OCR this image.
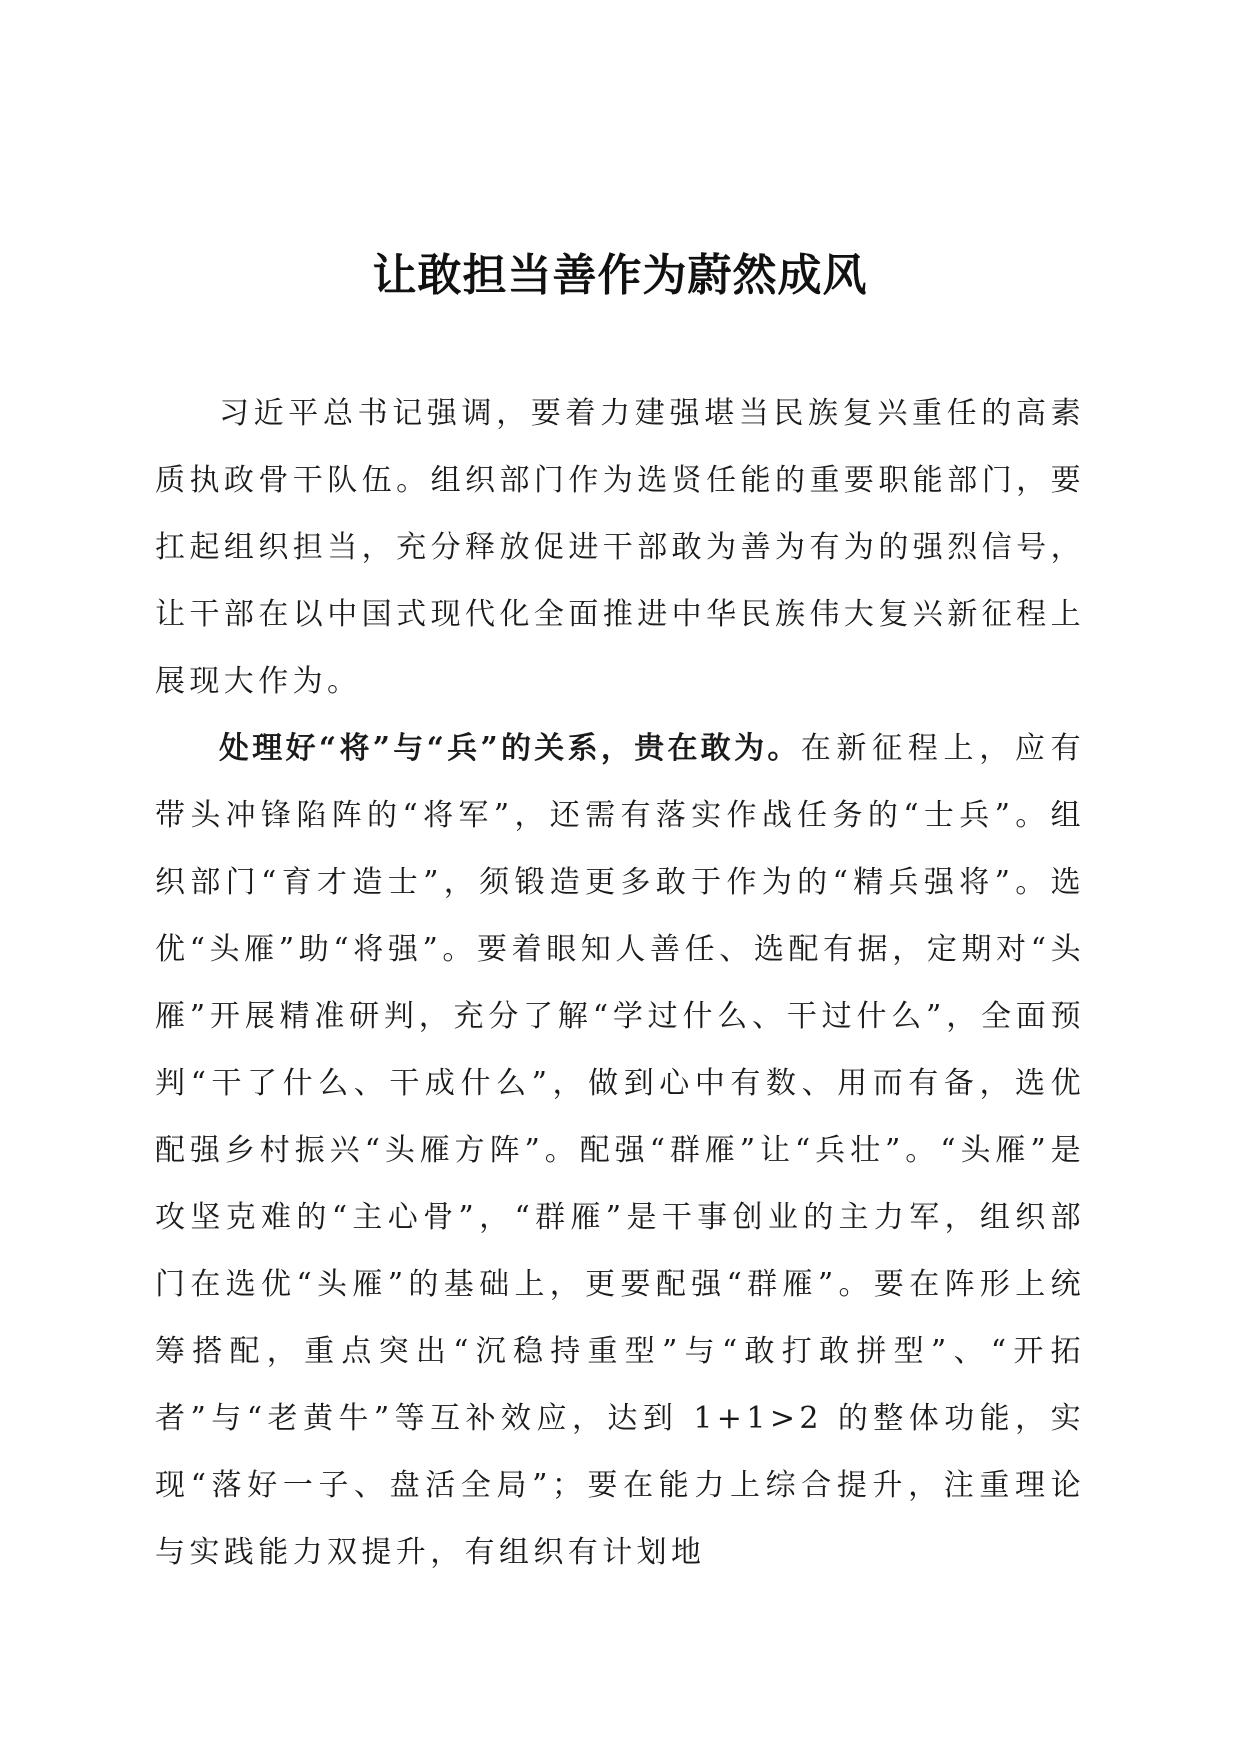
让敢担当善作为蔚然成风

习近平总书记强调，要着力建强堪当民族复兴重任的高素质执政骨干队伍。组织部门作为选贤任能的重要职能部门，要扛起组织担当，充分释放促进干部敢为善为有为的强烈信号，让干部在以中国式现代化全面推进中华民族伟大复兴新征程上展现大作为。

处理好“将”与“兵”的关系，贵在敢为。在新征程上，应有带头冲锋陷阵的“将军”，还需有落实作战任务的“士兵”。组织部门“育才造士”，须锻造更多敢于作为的“精兵强将”。选优“头雁”助“将强”。要着眼知人善任、选配有据，定期对“头雁”开展精准研判，充分了解“学过什么、干过什么”，全面预判“干了什么、干成什么”，做到心中有数、用而有备，选优配强乡村振兴“头雁方阵”。配强“群雁”让“兵壮”。“头雁”是攻坚克难的“主心骨”，“群雁”是干事创业的主力军，组织部门在选优“头雁”的基础上，更要配强“群雁”。要在阵形上统筹搭配，重点突出“沉稳持重型”与“敢打敢拼型”、“开拓者”与“老黄牛”等互补效应，达到 1+1>2 的整体功能，实现“落好一子、盘活全局”；要在能力上综合提升，注重理论与实践能力双提升，有组织有计划地
